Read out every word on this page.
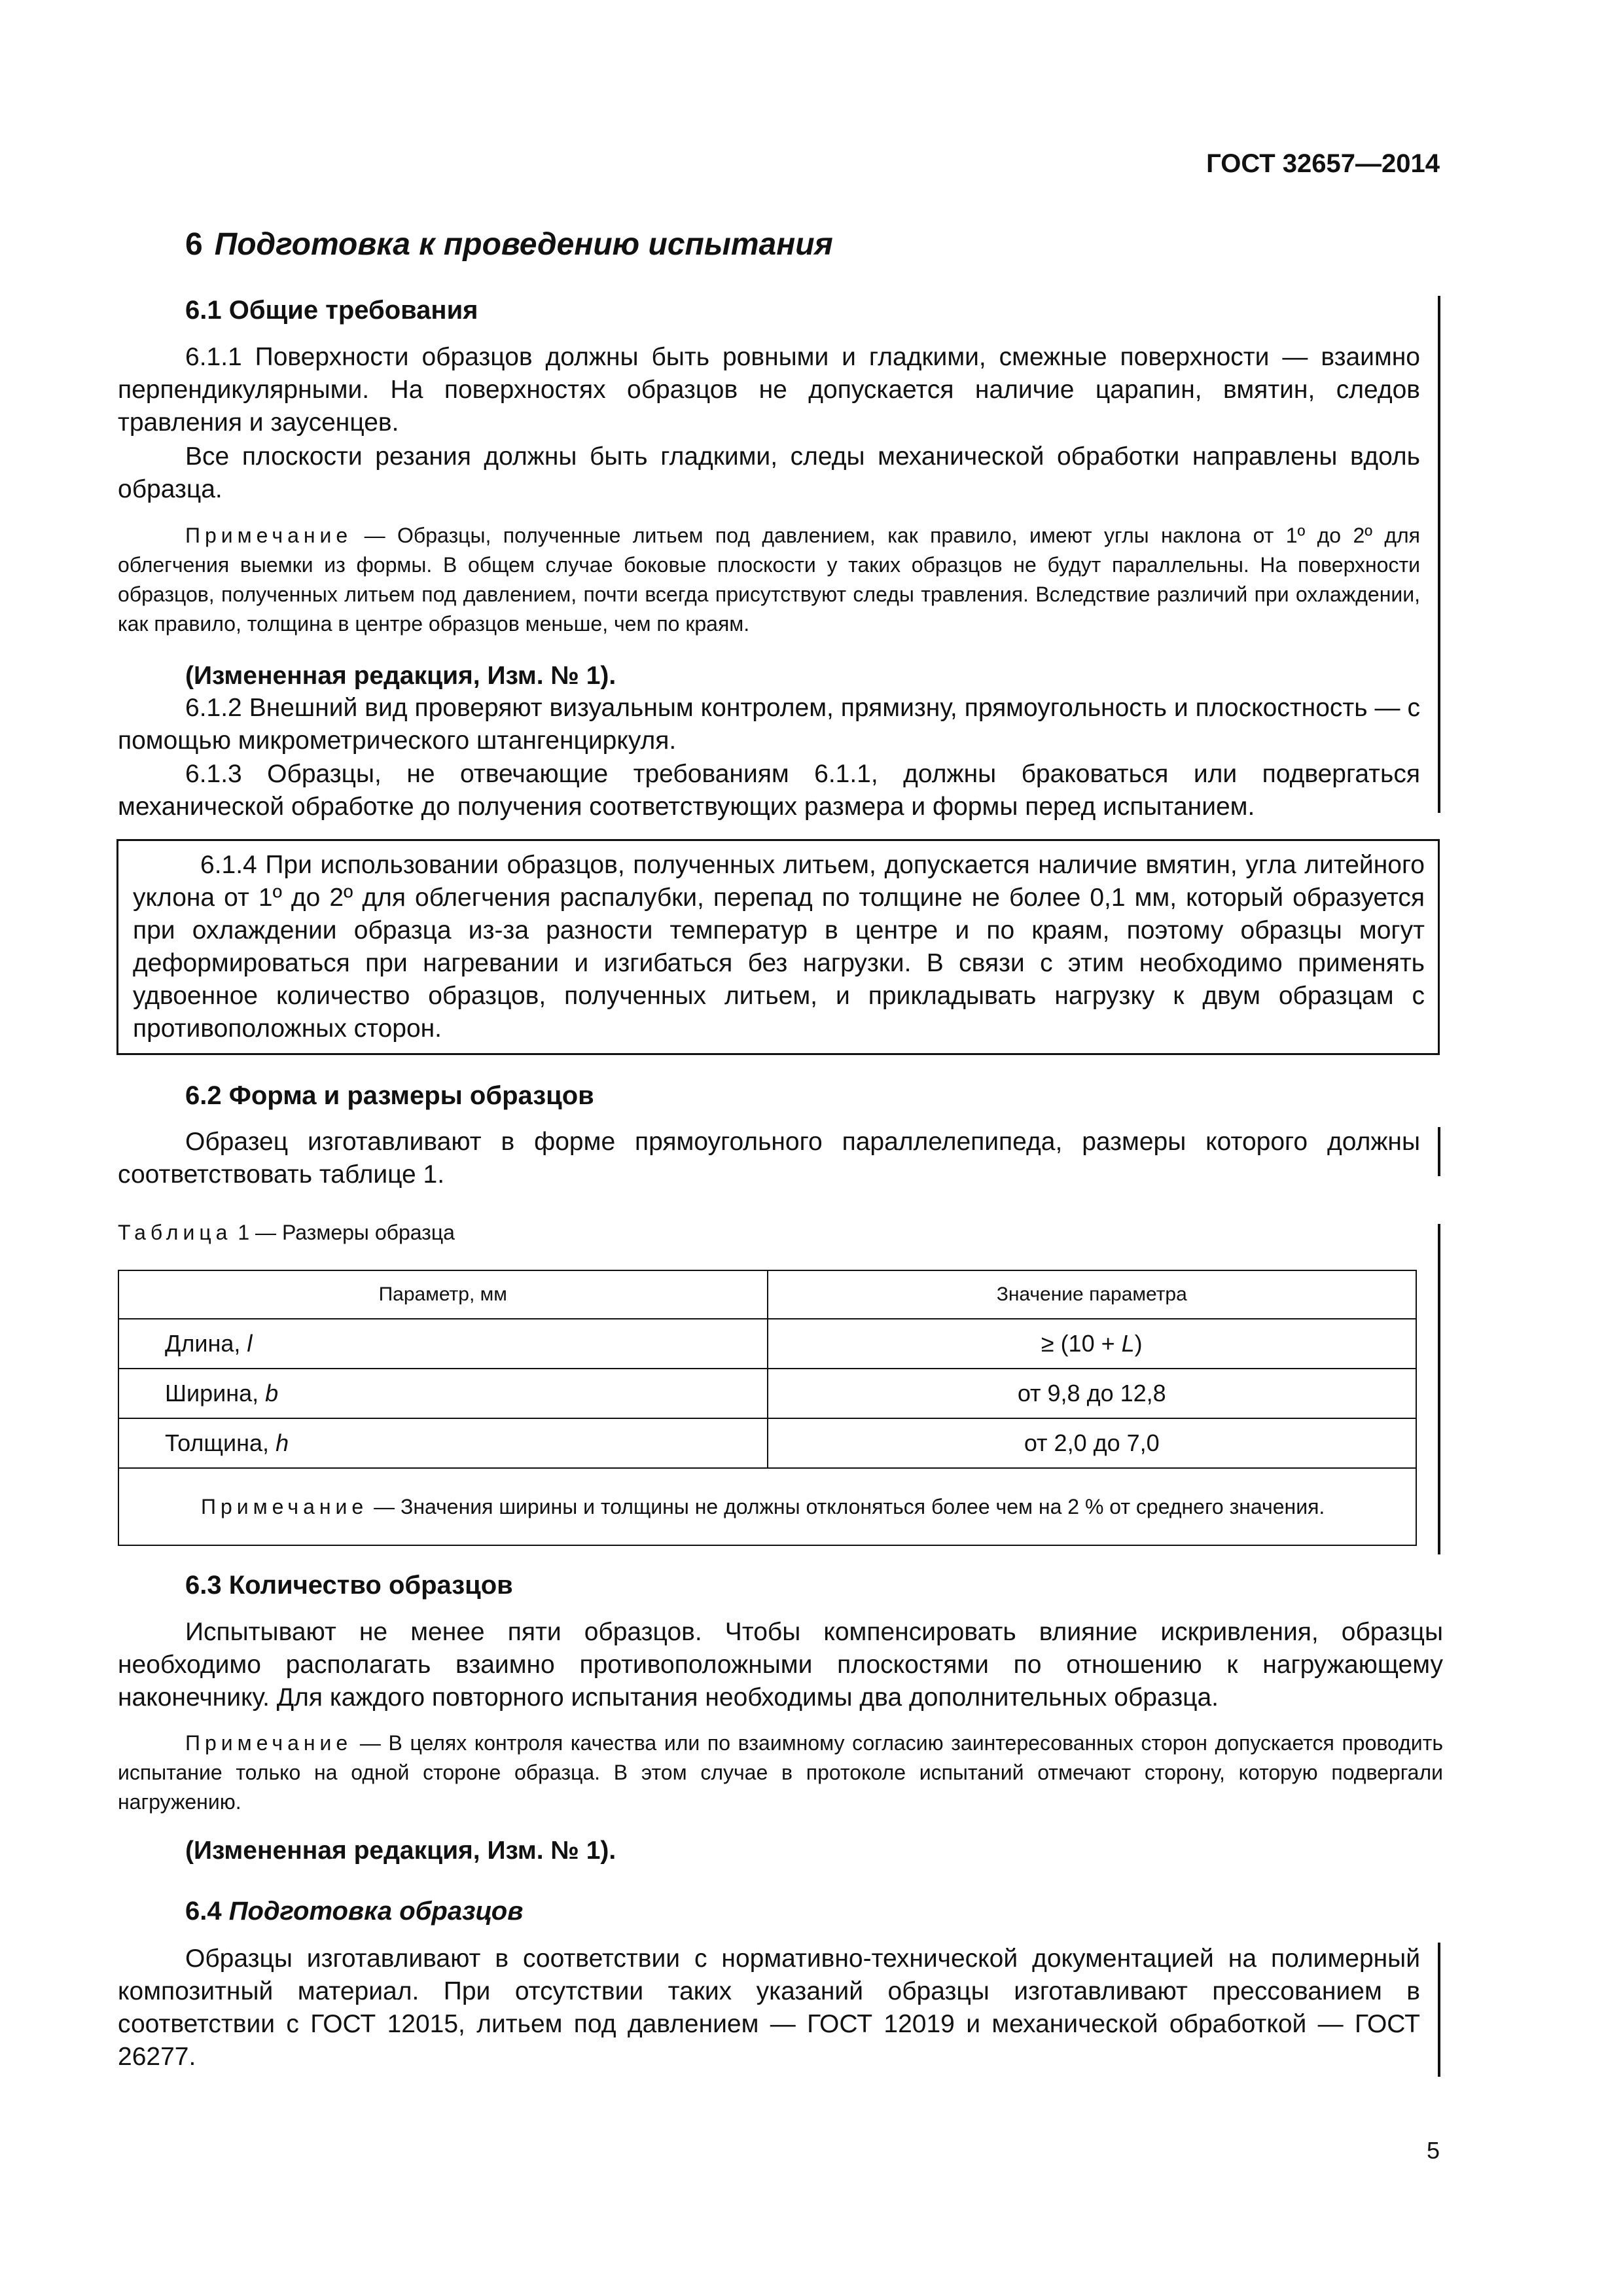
ГОСТ 32657—2014
6 Подготовка к проведению испытания
6.1 Общие требования

6.1.1 Поверхности образцов должны быть ровными и гладкими, смежные поверхности — взаимно перпендикулярными. На поверхностях образцов не допускается наличие царапин, вмятин, следов травления и заусенцев.

Все плоскости резания должны быть гладкими, следы механической обработки направлены вдоль образца.

Примечание — Образцы, полученные литьем под давлением, как правило, имеют углы наклона от 1º до 2º для облегчения выемки из формы. В общем случае боковые плоскости у таких образцов не будут параллельны. На поверхности образцов, полученных литьем под давлением, почти всегда присутствуют следы травления. Вследствие различий при охлаждении, как правило, толщина в центре образцов меньше, чем по краям.

(Измененная редакция, Изм. № 1).

6.1.2 Внешний вид проверяют визуальным контролем, прямизну, прямоугольность и плоскостность — с помощью микрометрического штангенциркуля.

6.1.3 Образцы, не отвечающие требованиям 6.1.1, должны браковаться или подвергаться механической обработке до получения соответствующих размера и формы перед испытанием.

6.1.4 При использовании образцов, полученных литьем, допускается наличие вмятин, угла литейного уклона от 1º до 2º для облегчения распалубки, перепад по толщине не более 0,1 мм, который образуется при охлаждении образца из-за разности температур в центре и по краям, поэтому образцы могут деформироваться при нагревании и изгибаться без нагрузки. В связи с этим необходимо применять удвоенное количество образцов, полученных литьем, и прикладывать нагрузку к двум образцам с противоположных сторон.

6.2 Форма и размеры образцов

Образец изготавливают в форме прямоугольного параллелепипеда, размеры которого должны соответствовать таблице 1.

Таблица 1 — Размеры образца
Параметр, мм	Значение параметра
Длина, l	≥ (10 + L)
Ширина, b	от 9,8 до 12,8
Толщина, h	от 2,0 до 7,0
Примечание — Значения ширины и толщины не должны отклоняться более чем на 2 % от среднего значения.	
6.3 Количество образцов

Испытывают не менее пяти образцов. Чтобы компенсировать влияние искривления, образцы необходимо располагать взаимно противоположными плоскостями по отношению к нагружающему наконечнику. Для каждого повторного испытания необходимы два дополнительных образца.

Примечание — В целях контроля качества или по взаимному согласию заинтересованных сторон допускается проводить испытание только на одной стороне образца. В этом случае в протоколе испытаний отмечают сторону, которую подвергали нагружению.

(Измененная редакция, Изм. № 1).

6.4 Подготовка образцов

Образцы изготавливают в соответствии с нормативно-технической документацией на полимерный композитный материал. При отсутствии таких указаний образцы изготавливают прессованием в соответствии с ГОСТ 12015, литьем под давлением — ГОСТ 12019 и механической обработкой — ГОСТ 26277.

5
